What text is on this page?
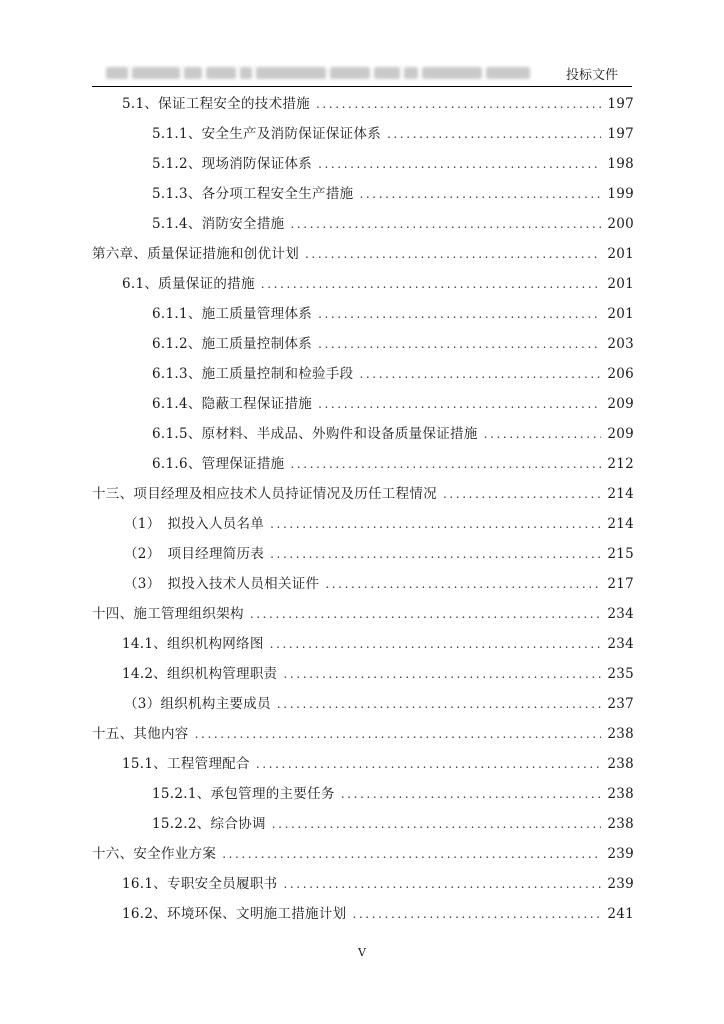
投标文件
5.1、保证工程安全的技术措施 .....	197
5.1.1、安全生产及消防保证保证体系 .....	197
5.1.2、现场消防保证体系 .....	198
5.1.3、各分项工程安全生产措施 .....	199
5.1.4、消防安全措施 .....	200
第六章、质量保证措施和创优计划 .....	201
6.1、质量保证的措施 .....	201
6.1.1、施工质量管理体系 .....	201
6.1.2、施工质量控制体系 .....	203
6.1.3、施工质量控制和检验手段 .....	206
6.1.4、隐蔽工程保证措施 .....	209
6.1.5、原材料、半成品、外购件和设备质量保证措施 .....	209
6.1.6、管理保证措施 .....	212
十三、项目经理及相应技术人员持证情况及历任工程情况 .....	214
（1）　拟投入人员名单 .....	214
（2）　项目经理简历表 .....	215
（3）　拟投入技术人员相关证件 .....	217
十四、施工管理组织架构 .....	234
14.1、组织机构网络图 .....	234
14.2、组织机构管理职责 .....	235
（3）组织机构主要成员 .....	237
十五、其他内容 .....	238
15.1、工程管理配合 .....	238
15.2.1、承包管理的主要任务 .....	238
15.2.2、综合协调 .....	238
十六、安全作业方案 .....	239
16.1、专职安全员履职书 .....	239
16.2、环境环保、文明施工措施计划 .....	241
V
